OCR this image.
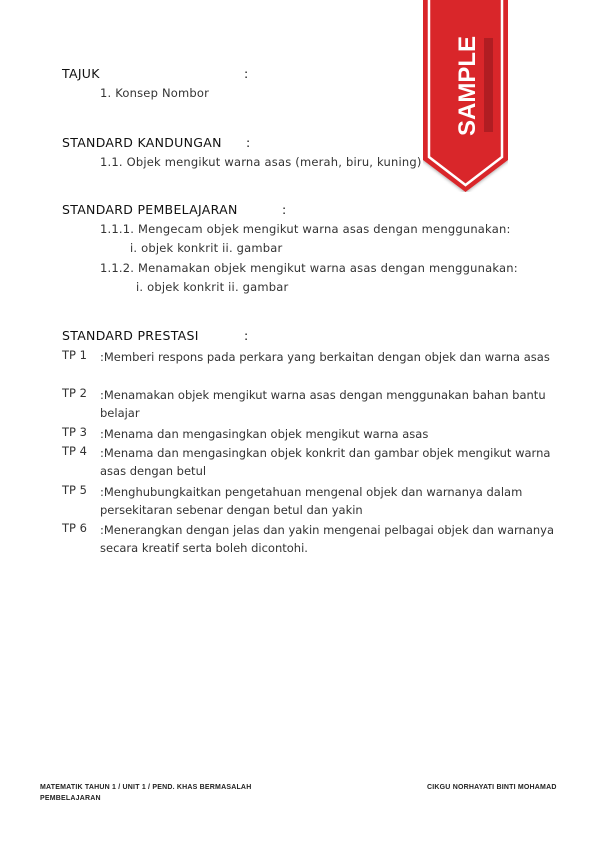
TAJUK	:
1. Konsep Nombor
STANDARD KANDUNGAN :
1.1. Objek mengikut warna asas (merah, biru, kuning)
STANDARD PEMBELAJARAN	:
1.1.1. Mengecam objek mengikut warna asas dengan menggunakan:
i. objek konkrit ii. gambar
1.1.2. Menamakan objek mengikut warna asas dengan menggunakan:
i. objek konkrit ii. gambar
STANDARD PRESTASI	:
TP 1 :Memberi respons pada perkara yang berkaitan dengan objek dan warna asas
TP 2 :Menamakan objek mengikut warna asas dengan menggunakan bahan bantu belajar
TP 3 :Menama dan mengasingkan objek mengikut warna asas
TP 4 :Menama dan mengasingkan objek konkrit dan gambar objek mengikut warna asas dengan betul
TP 5 :Menghubungkaitkan pengetahuan mengenal objek dan warnanya dalam persekitaran sebenar dengan betul dan yakin
TP 6 :Menerangkan dengan jelas dan yakin mengenai pelbagai objek dan warnanya secara kreatif serta boleh dicontohi.
MATEMATIK TAHUN 1 / UNIT 1 / PEND. KHAS BERMASALAH
PEMBELAJARAN
CIKGU NORHAYATI BINTI MOHAMAD
SAMPLE
